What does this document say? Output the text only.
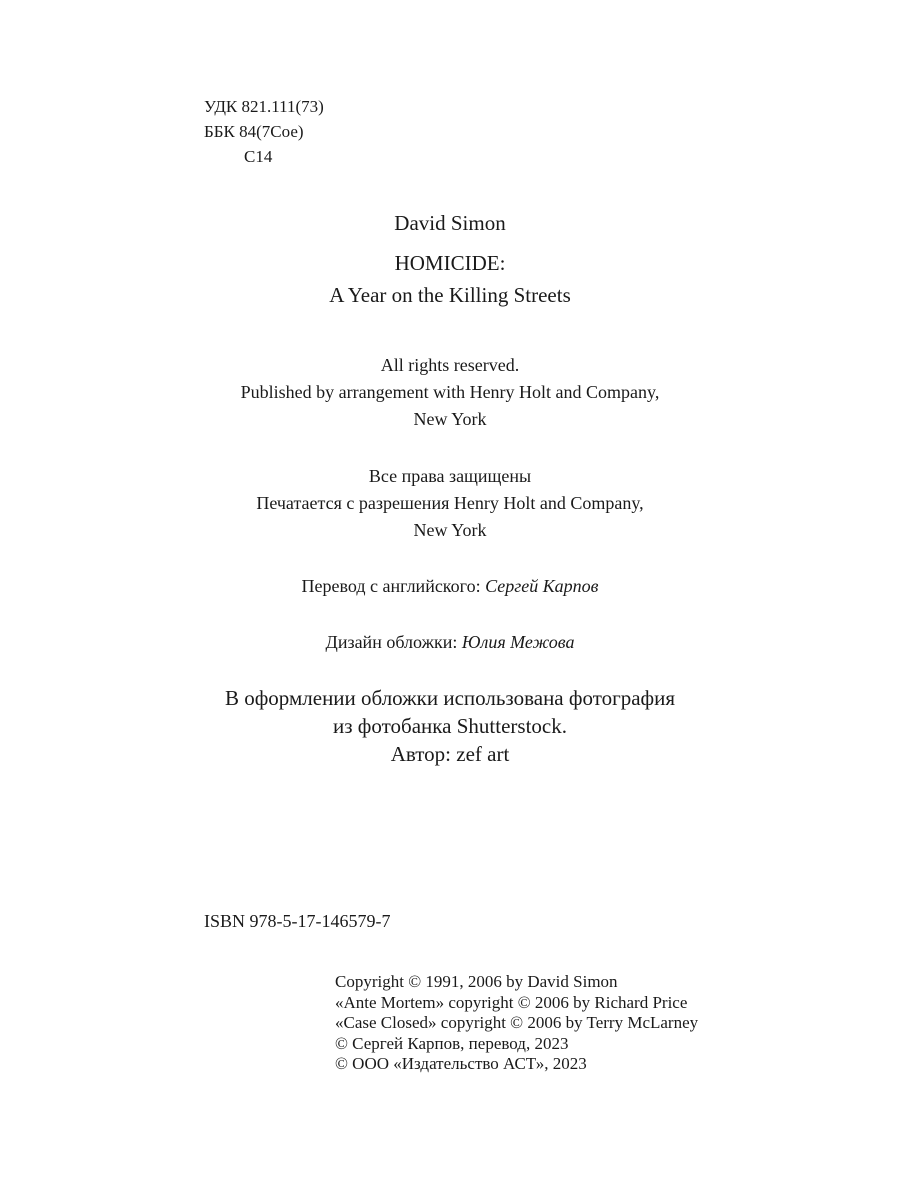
УДК 821.111(73)
ББК 84(7Сое)
С14
David Simon
HOMICIDE:
A Year on the Killing Streets
All rights reserved.
Published by arrangement with Henry Holt and Company,
New York
Все права защищены
Печатается с разрешения Henry Holt and Company,
New York
Перевод с английского: Сергей Карпов
Дизайн обложки: Юлия Межова
В оформлении обложки использована фотография
из фотобанка Shutterstock.
Автор: zef art
ISBN 978-5-17-146579-7
Copyright © 1991, 2006 by David Simon
«Ante Mortem» copyright © 2006 by Richard Price
«Case Closed» copyright © 2006 by Terry McLarney
© Сергей Карпов, перевод, 2023
© ООО «Издательство АСТ», 2023
